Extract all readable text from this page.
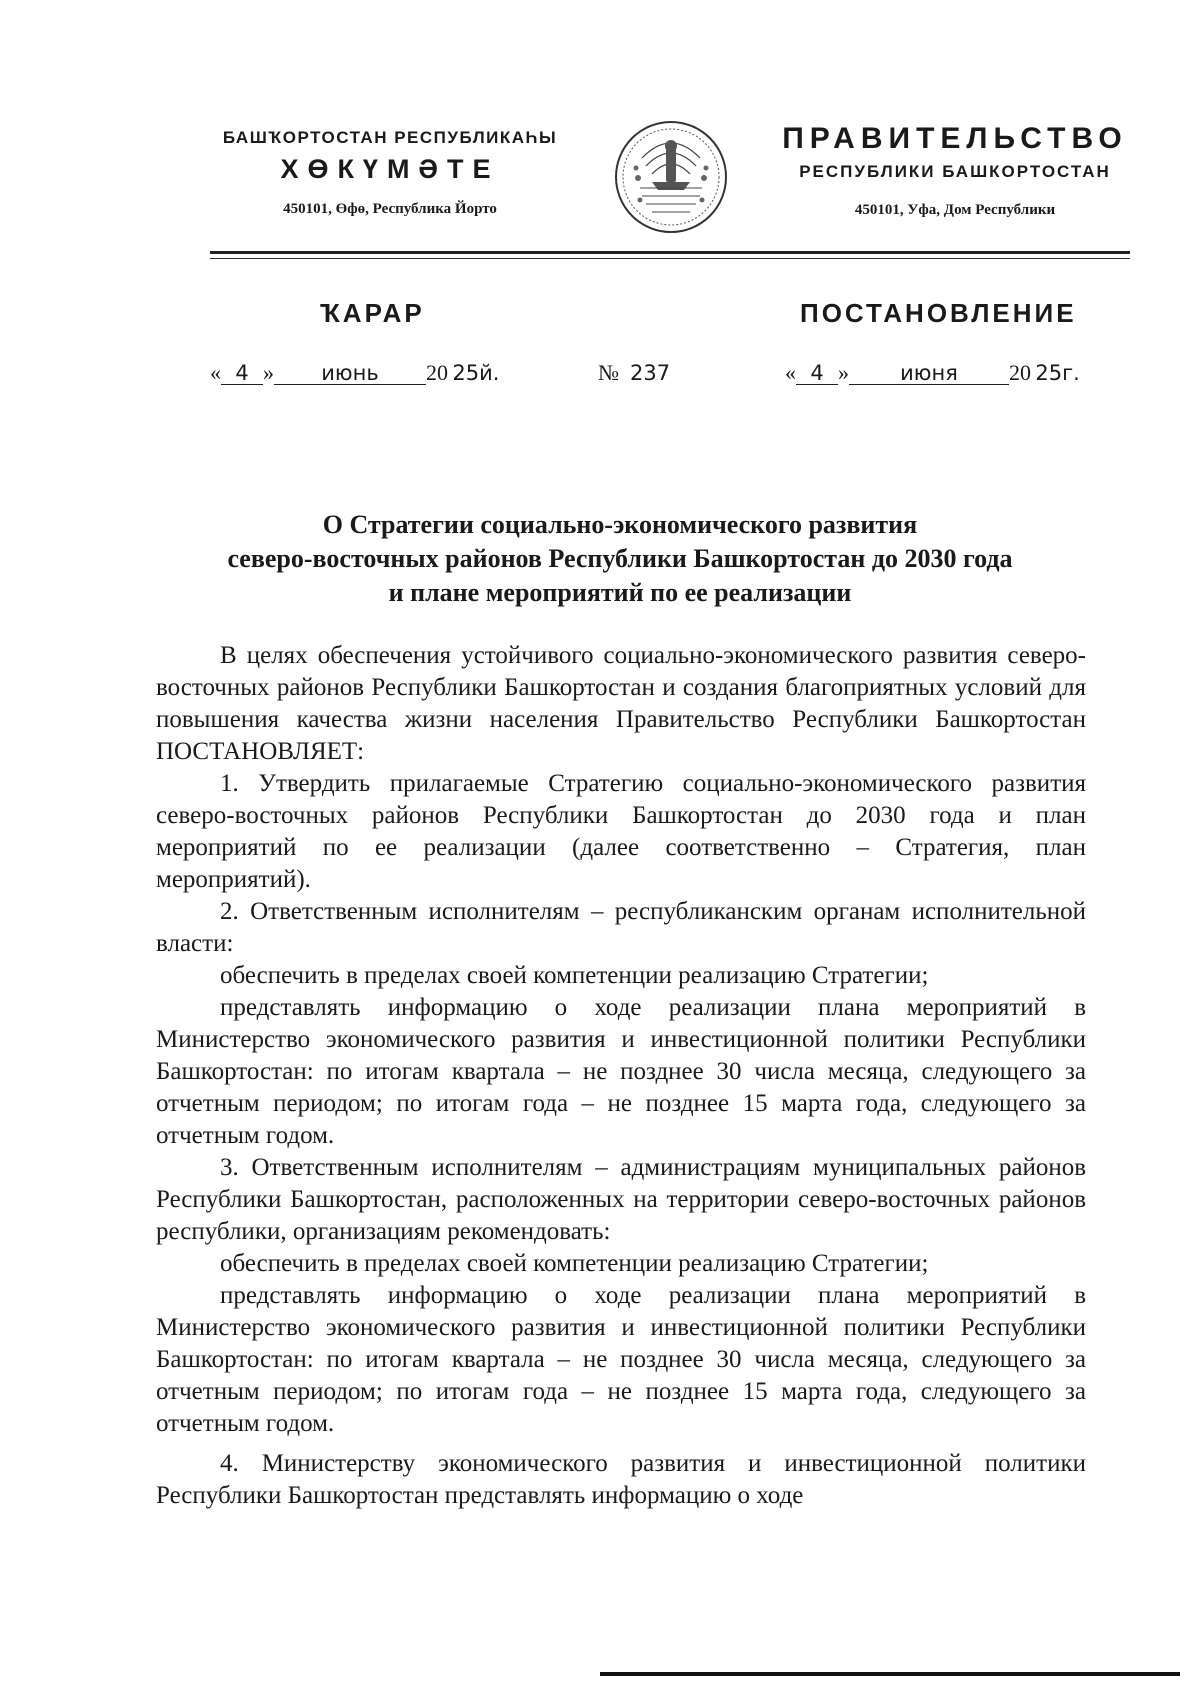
БАШҠОРТОСТАН РЕСПУБЛИКАҺЫ
ХӨКҮМӘТЕ
450101, Өфө, Республика Йорто
ПРАВИТЕЛЬСТВО
РЕСПУБЛИКИ БАШКОРТОСТАН
450101, Уфа, Дом Республики
ҠАРАР	ПОСТАНОВЛЕНИЕ
« 4 » июнь 20  25й.	№ 237	« 4 » июня 20  25г.
О Стратегии социально-экономического развития
северо-восточных районов Республики Башкортостан до 2030 года
и плане мероприятий по ее реализации

В целях обеспечения устойчивого социально-экономического развития северо-восточных районов Республики Башкортостан и создания благоприятных условий для повышения качества жизни населения Правительство Республики Башкортостан ПОСТАНОВЛЯЕТ:

1. Утвердить прилагаемые Стратегию социально-экономического развития северо-восточных районов Республики Башкортостан до 2030 года и план мероприятий по ее реализации (далее соответственно – Стратегия, план мероприятий).

2. Ответственным исполнителям – республиканским органам исполнительной власти:

обеспечить в пределах своей компетенции реализацию Стратегии;

представлять информацию о ходе реализации плана мероприятий в Министерство экономического развития и инвестиционной политики Республики Башкортостан: по итогам квартала – не позднее 30 числа месяца, следующего за отчетным периодом; по итогам года – не позднее 15 марта года, следующего за отчетным годом.

3. Ответственным исполнителям – администрациям муниципальных районов Республики Башкортостан, расположенных на территории северо-восточных районов республики, организациям рекомендовать:

обеспечить в пределах своей компетенции реализацию Стратегии;

представлять информацию о ходе реализации плана мероприятий в Министерство экономического развития и инвестиционной политики Республики Башкортостан: по итогам квартала – не позднее 30 числа месяца, следующего за отчетным периодом; по итогам года – не позднее 15 марта года, следующего за отчетным годом.

4. Министерству экономического развития и инвестиционной политики Республики Башкортостан представлять информацию о ходе
